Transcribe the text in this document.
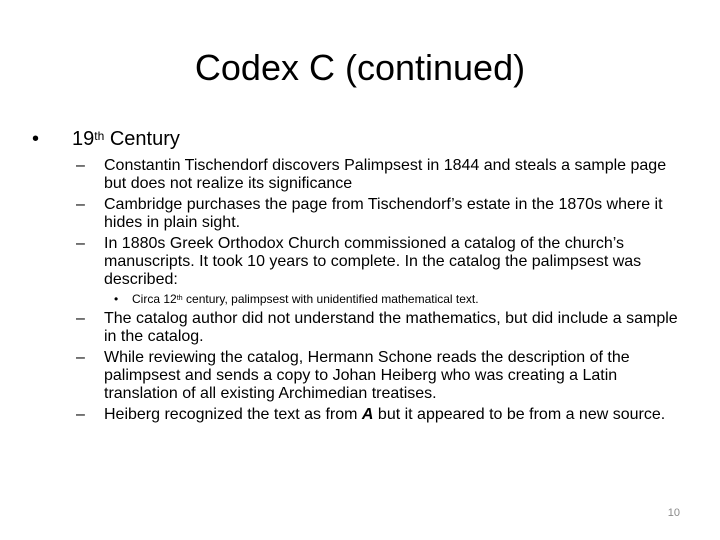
Codex C (continued)
•	19th Century
–	Constantin Tischendorf discovers Palimpsest in 1844 and steals a sample page but does not realize its significance
–	Cambridge purchases the page from Tischendorf’s estate in the 1870s where it hides in plain sight.
–	In 1880s Greek Orthodox Church commissioned a catalog of the church’s manuscripts. It took 10 years to complete. In the catalog the palimpsest was described:
•	Circa 12th century, palimpsest with unidentified mathematical text.
–	The catalog author did not understand the mathematics, but did include a sample in the catalog.
–	While reviewing the catalog, Hermann Schone reads the description of the palimpsest and sends a copy to Johan Heiberg who was creating a Latin translation of all existing Archimedian treatises.
–	Heiberg recognized the text as from A but it appeared to be from a new source.
10
